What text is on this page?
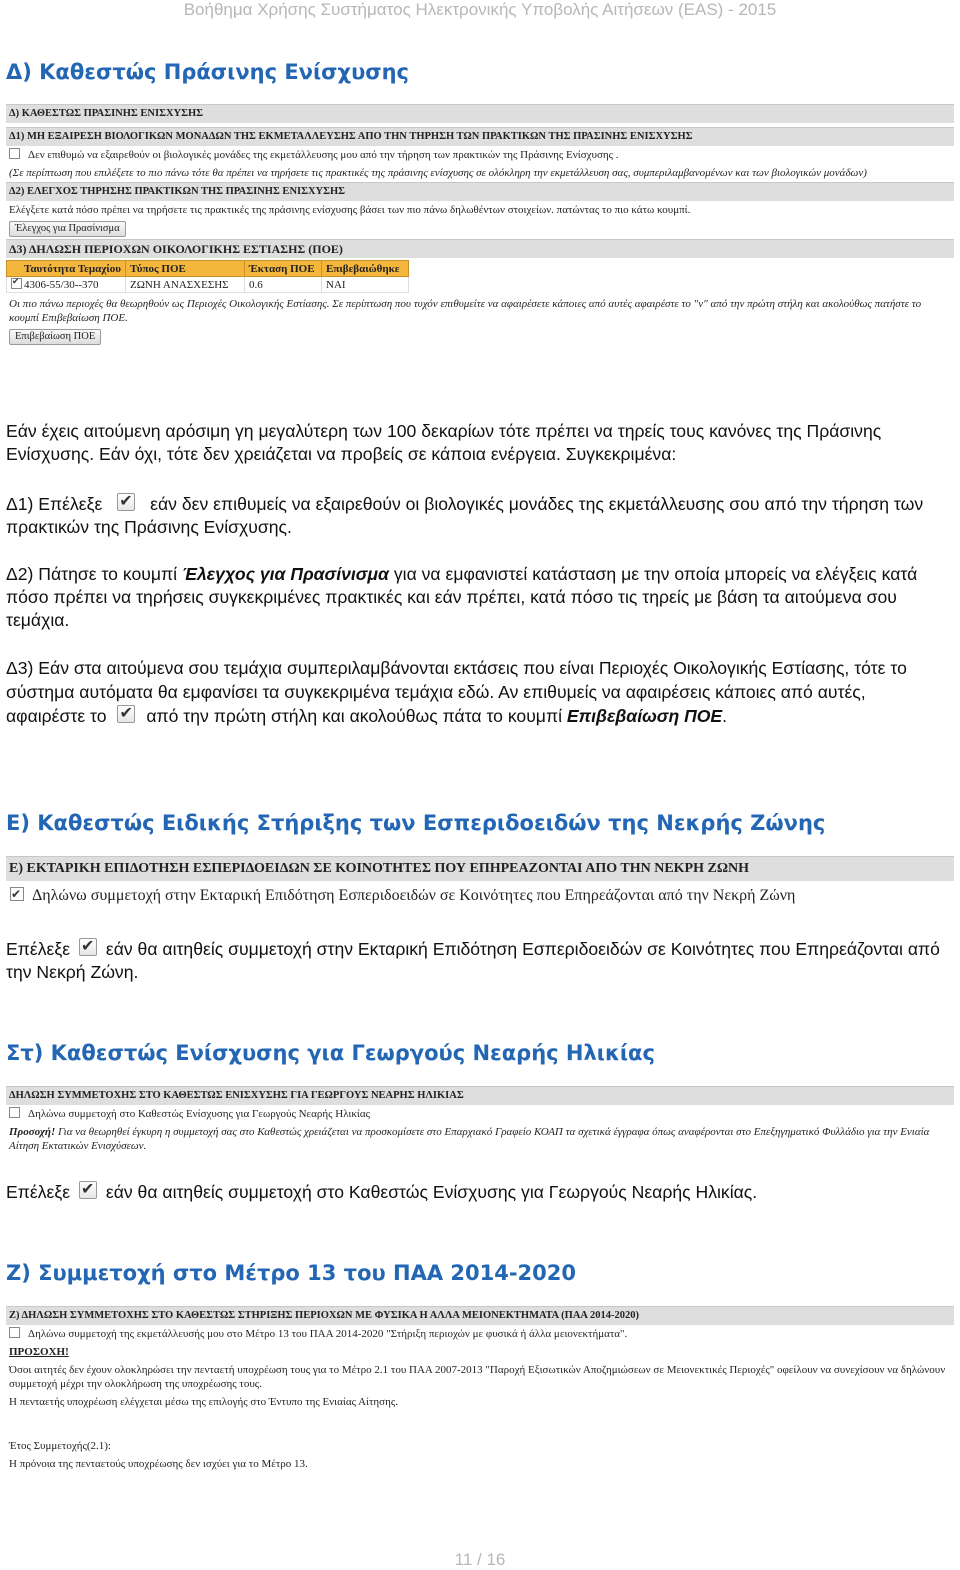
Βοήθημα Χρήσης Συστήματος Ηλεκτρονικής Υποβολής Αιτήσεων (EAS) - 2015
Δ) Καθεστώς Πράσινης Ενίσχυσης
Δ) ΚΑΘΕΣΤΩΣ ΠΡΑΣΙΝΗΣ ΕΝΙΣΧΥΣΗΣ
Δ1) ΜΗ ΕΞΑΙΡΕΣΗ ΒΙΟΛΟΓΙΚΩΝ ΜΟΝΑΔΩΝ ΤΗΣ ΕΚΜΕΤΑΛΛΕΥΣΗΣ ΑΠΟ ΤΗΝ ΤΗΡΗΣΗ ΤΩΝ ΠΡΑΚΤΙΚΩΝ ΤΗΣ ΠΡΑΣΙΝΗΣ ΕΝΙΣΧΥΣΗΣ
Δεν επιθυμώ να εξαιρεθούν οι βιολογικές μονάδες της εκμετάλλευσης μου από την τήρηση των πρακτικών της Πράσινης Ενίσχυσης .
(Σε περίπτωση που επιλέξετε το πιο πάνω τότε θα πρέπει να τηρήσετε τις πρακτικές της πράσινης ενίσχυσης σε ολόκληρη την εκμετάλλευση σας, συμπεριλαμβανομένων και των βιολογικών μονάδων)
Δ2) ΕΛΕΓΧΟΣ ΤΗΡΗΣΗΣ ΠΡΑΚΤΙΚΩΝ ΤΗΣ ΠΡΑΣΙΝΗΣ ΕΝΙΣΧΥΣΗΣ
Ελέγξετε κατά πόσο πρέπει να τηρήσετε τις πρακτικές της πράσινης ενίσχυσης βάσει των πιο πάνω δηλωθέντων στοιχείων. πατώντας το πιο κάτω κουμπί.
Έλεγχος για Πρασίνισμα
Δ3) ΔΗΛΩΣΗ ΠΕΡΙΟΧΩΝ ΟΙΚΟΛΟΓΙΚΗΣ ΕΣΤΙΑΣΗΣ (ΠΟΕ)
Ταυτότητα Τεμαχίου	Τύπος ΠΟΕ	Έκταση ΠΟΕ	Επιβεβαιώθηκε
✔4306-55/30--370	ΖΩΝΗ ΑΝΑΣΧΕΣΗΣ	0.6	ΝΑΙ
Οι πιο πάνω περιοχές θα θεωρηθούν ως Περιοχές Οικολογικής Εστίασης. Σε περίπτωση που τυχόν επιθυμείτε να αφαιρέσετε κάποιες από αυτές αφαιρέστε το "ν" από την πρώτη στήλη και ακολούθως πατήστε το κουμπί Επιβεβαίωση ΠΟΕ.
Επιβεβαίωση ΠΟΕ

Εάν έχεις αιτούμενη αρόσιμη γη μεγαλύτερη των 100 δεκαρίων τότε πρέπει να τηρείς τους κανόνες της Πράσινης Ενίσχυσης. Εάν όχι, τότε δεν χρειάζεται να προβείς σε κάποια ενέργεια. Συγκεκριμένα:

Δ1) Επέλεξε ✔	εάν δεν επιθυμείς να εξαιρεθούν οι βιολογικές μονάδες της εκμετάλλευσης σου από την τήρηση των πρακτικών της Πράσινης Ενίσχυσης.

Δ2) Πάτησε το κουμπί Έλεγχος για Πρασίνισμα για να εμφανιστεί κατάσταση με την οποία μπορείς να ελέγξεις κατά πόσο πρέπει να τηρήσεις συγκεκριμένες πρακτικές και εάν πρέπει, κατά πόσο τις τηρείς με βάση τα αιτούμενα σου τεμάχια.

Δ3) Εάν στα αιτούμενα σου τεμάχια συμπεριλαμβάνονται εκτάσεις που είναι Περιοχές Οικολογικής Εστίασης, τότε το σύστημα αυτόματα θα εμφανίσει τα συγκεκριμένα τεμάχια εδώ. Αν επιθυμείς να αφαιρέσεις κάποιες από αυτές, αφαιρέστε το ✔ από την πρώτη στήλη και ακολούθως πάτα το κουμπί Επιβεβαίωση ΠΟΕ.

Ε) Καθεστώς Ειδικής Στήριξης των Εσπεριδοειδών της Νεκρής Ζώνης
Ε) ΕΚΤΑΡΙΚΗ ΕΠΙΔΟΤΗΣΗ ΕΣΠΕΡΙΔΟΕΙΔΩΝ ΣΕ ΚΟΙΝΟΤΗΤΕΣ ΠΟΥ ΕΠΗΡΕΑΖΟΝΤΑΙ ΑΠΟ ΤΗΝ ΝΕΚΡΗ ΖΩΝΗ
✔Δηλώνω συμμετοχή στην Εκταρική Επιδότηση Εσπεριδοειδών σε Κοινότητες που Επηρεάζονται από την Νεκρή Ζώνη

Επέλεξε ✔ εάν θα αιτηθείς συμμετοχή στην Εκταρική Επιδότηση Εσπεριδοειδών σε Κοινότητες που Επηρεάζονται από την Νεκρή Ζώνη.

Στ) Καθεστώς Ενίσχυσης για Γεωργούς Νεαρής Ηλικίας
ΔΗΛΩΣΗ ΣΥΜΜΕΤΟΧΗΣ ΣΤΟ ΚΑΘΕΣΤΩΣ ΕΝΙΣΧΥΣΗΣ ΓΙΑ ΓΕΩΡΓΟΥΣ ΝΕΑΡΗΣ ΗΛΙΚΙΑΣ
Δηλώνω συμμετοχή στο Καθεστώς Ενίσχυσης για Γεωργούς Νεαρής Ηλικίας
Προσοχή! Για να θεωρηθεί έγκυρη η συμμετοχή σας στο Καθεστώς χρειάζεται να προσκομίσετε στο Επαρχιακό Γραφείο ΚΟΑΠ τα σχετικά έγγραφα όπως αναφέρονται στο Επεξηγηματικό Φυλλάδιο για την Ενιαία Αίτηση Εκτατικών Ενισχύσεων.

Επέλεξε ✔ εάν θα αιτηθείς συμμετοχή στο Καθεστώς Ενίσχυσης για Γεωργούς Νεαρής Ηλικίας.

Ζ) Συμμετοχή στο Μέτρο 13 του ΠΑΑ 2014-2020
Ζ) ΔΗΛΩΣΗ ΣΥΜΜΕΤΟΧΗΣ ΣΤΟ ΚΑΘΕΣΤΩΣ ΣΤΗΡΙΞΗΣ ΠΕΡΙΟΧΩΝ ΜΕ ΦΥΣΙΚΑ Η ΑΛΛΑ ΜΕΙΟΝΕΚΤΗΜΑΤΑ (ΠΑΑ 2014-2020)
Δηλώνω συμμετοχή της εκμετάλλευσής μου στο Μέτρο 13 του ΠΑΑ 2014-2020 "Στήριξη περιοχών με φυσικά ή άλλα μειονεκτήματα".
ΠΡΟΣΟΧΗ!
Όσοι αιτητές δεν έχουν ολοκληρώσει την πενταετή υποχρέωση τους για το Μέτρο 2.1 του ΠΑΑ 2007-2013 "Παροχή Εξισωτικών Αποζημιώσεων σε Μειονεκτικές Περιοχές" οφείλουν να συνεχίσουν να δηλώνουν συμμετοχή μέχρι την ολοκλήρωση της υποχρέωσης τους.
Η πενταετής υποχρέωση ελέγχεται μέσω της επιλογής στο Έντυπο της Ενιαίας Αίτησης.
Έτος Συμμετοχής(2.1):
Η πρόνοια της πενταετούς υποχρέωσης δεν ισχύει για το Μέτρο 13.
11 / 16
